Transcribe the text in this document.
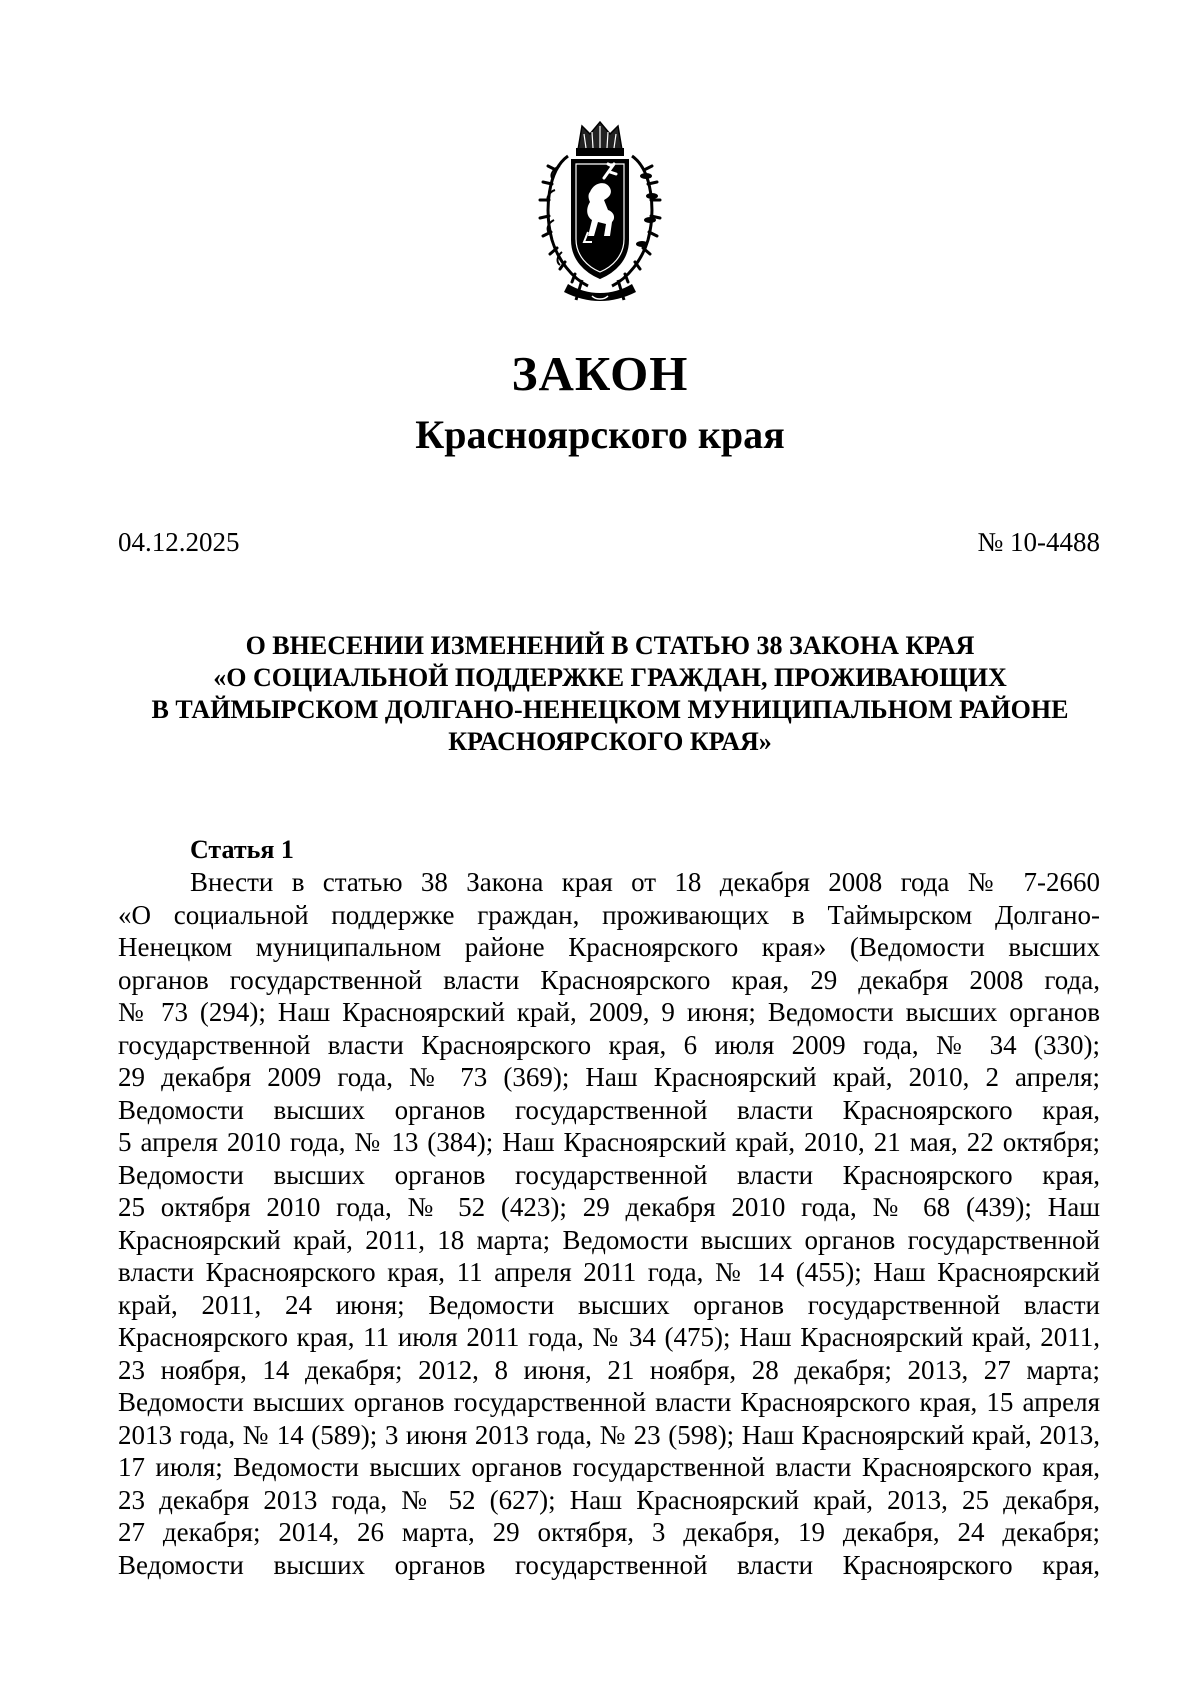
ЗАКОН
Красноярского края
04.12.2025	№ 10-4488
О ВНЕСЕНИИ ИЗМЕНЕНИЙ В СТАТЬЮ 38 ЗАКОНА КРАЯ
«О СОЦИАЛЬНОЙ ПОДДЕРЖКЕ ГРАЖДАН, ПРОЖИВАЮЩИХ
В ТАЙМЫРСКОМ ДОЛГАНО-НЕНЕЦКОМ МУНИЦИПАЛЬНОМ РАЙОНЕ
КРАСНОЯРСКОГО КРАЯ»
Статья 1
Внести в статью 38 Закона края от 18 декабря 2008 года № 7-2660
«О социальной поддержке граждан, проживающих в Таймырском Долгано-
Ненецком муниципальном районе Красноярского края» (Ведомости высших
органов государственной власти Красноярского края, 29 декабря 2008 года,
№ 73 (294); Наш Красноярский край, 2009, 9 июня; Ведомости высших органов
государственной власти Красноярского края, 6 июля 2009 года, № 34 (330);
29 декабря 2009 года, № 73 (369); Наш Красноярский край, 2010, 2 апреля;
Ведомости высших органов государственной власти Красноярского края,
5 апреля 2010 года, № 13 (384); Наш Красноярский край, 2010, 21 мая, 22 октября;
Ведомости высших органов государственной власти Красноярского края,
25 октября 2010 года, № 52 (423); 29 декабря 2010 года, № 68 (439); Наш
Красноярский край, 2011, 18 марта; Ведомости высших органов государственной
власти Красноярского края, 11 апреля 2011 года, № 14 (455); Наш Красноярский
край, 2011, 24 июня; Ведомости высших органов государственной власти
Красноярского края, 11 июля 2011 года, № 34 (475); Наш Красноярский край, 2011,
23 ноября, 14 декабря; 2012, 8 июня, 21 ноября, 28 декабря; 2013, 27 марта;
Ведомости высших органов государственной власти Красноярского края, 15 апреля
2013 года, № 14 (589); 3 июня 2013 года, № 23 (598); Наш Красноярский край, 2013,
17 июля; Ведомости высших органов государственной власти Красноярского края,
23 декабря 2013 года, № 52 (627); Наш Красноярский край, 2013, 25 декабря,
27 декабря; 2014, 26 марта, 29 октября, 3 декабря, 19 декабря, 24 декабря;
Ведомости высших органов государственной власти Красноярского края,
